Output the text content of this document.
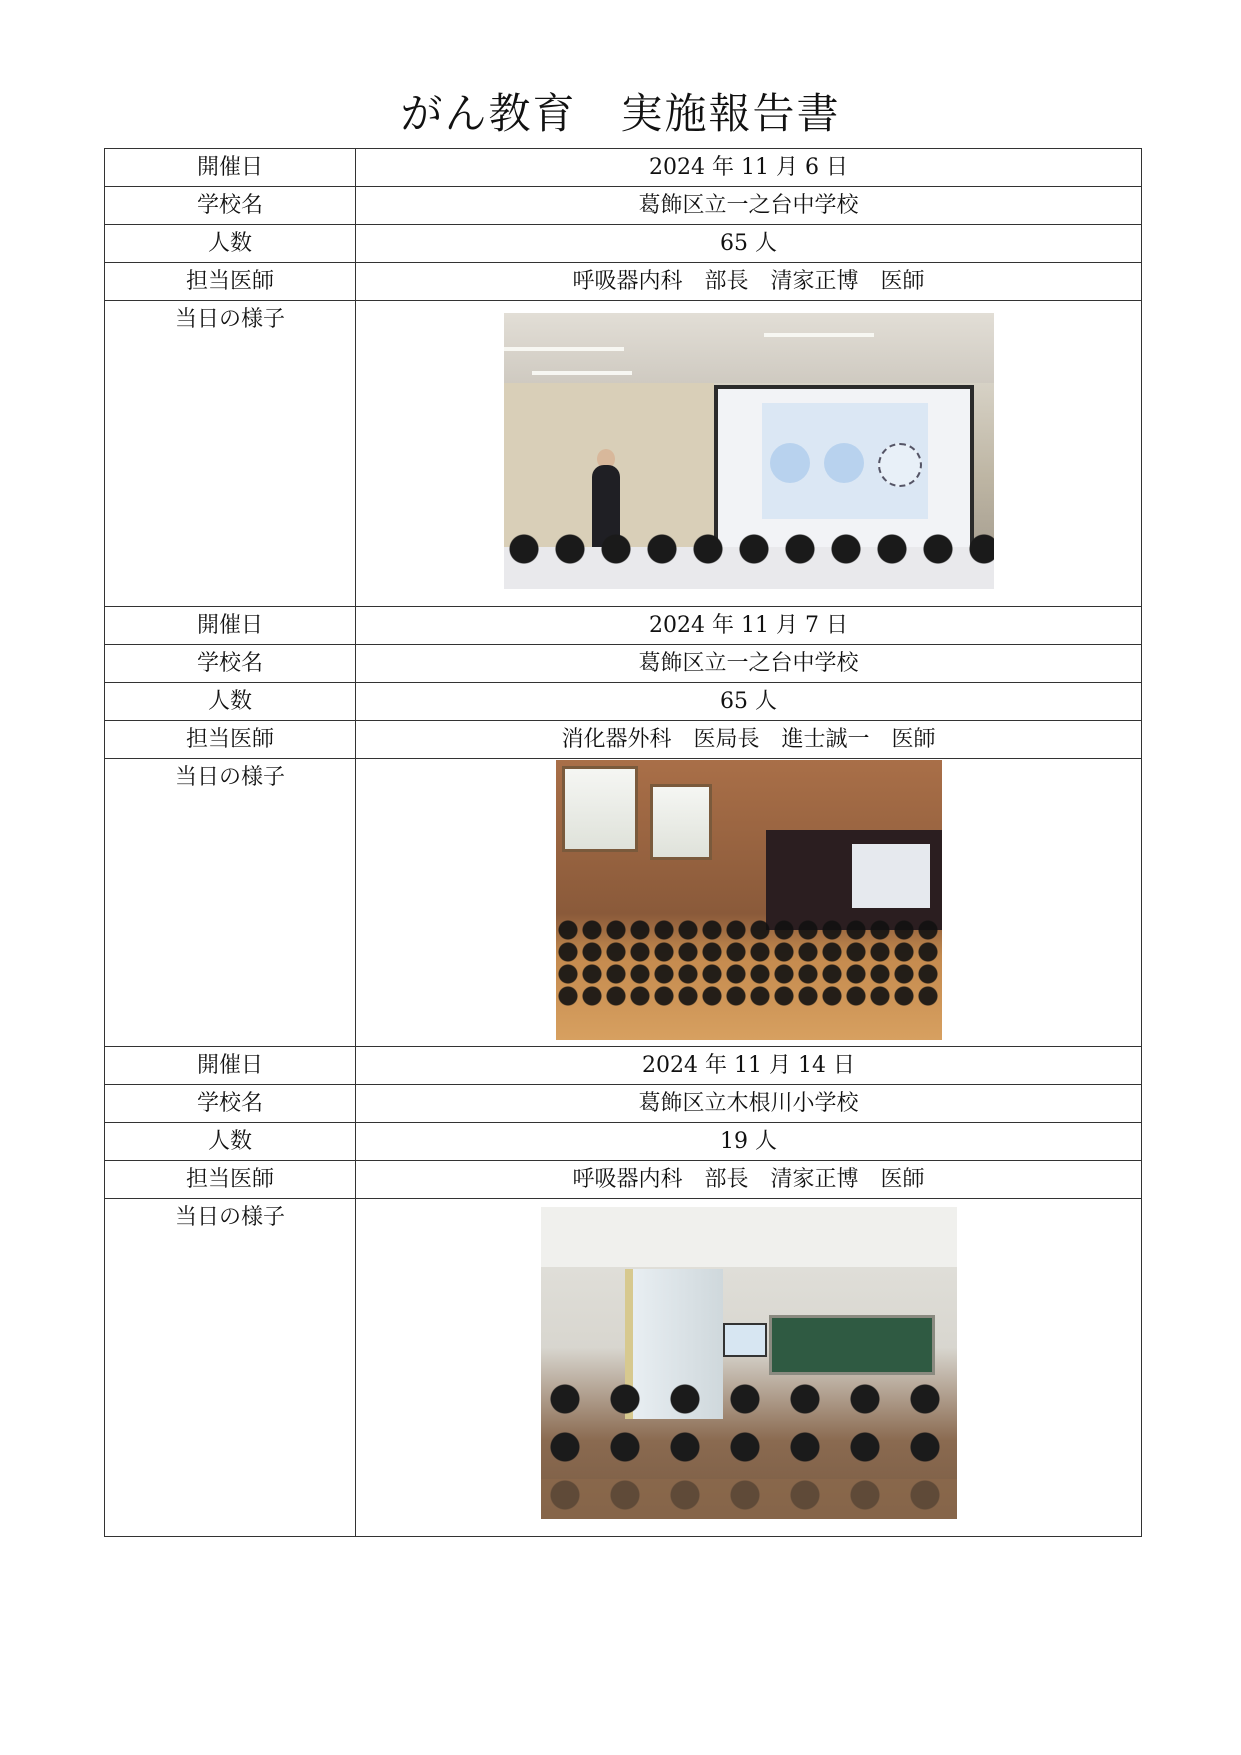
がん教育　実施報告書
開催日	2024 年 11 月 6 日
学校名	葛飾区立一之台中学校
人数	65 人
担当医師	呼吸器内科　部長　清家正博　医師
当日の様子	

開催日	2024 年 11 月 7 日
学校名	葛飾区立一之台中学校
人数	65 人
担当医師	消化器外科　医局長　進士誠一　医師
当日の様子	

開催日	2024 年 11 月 14 日
学校名	葛飾区立木根川小学校
人数	19 人
担当医師	呼吸器内科　部長　清家正博　医師
当日の様子	
